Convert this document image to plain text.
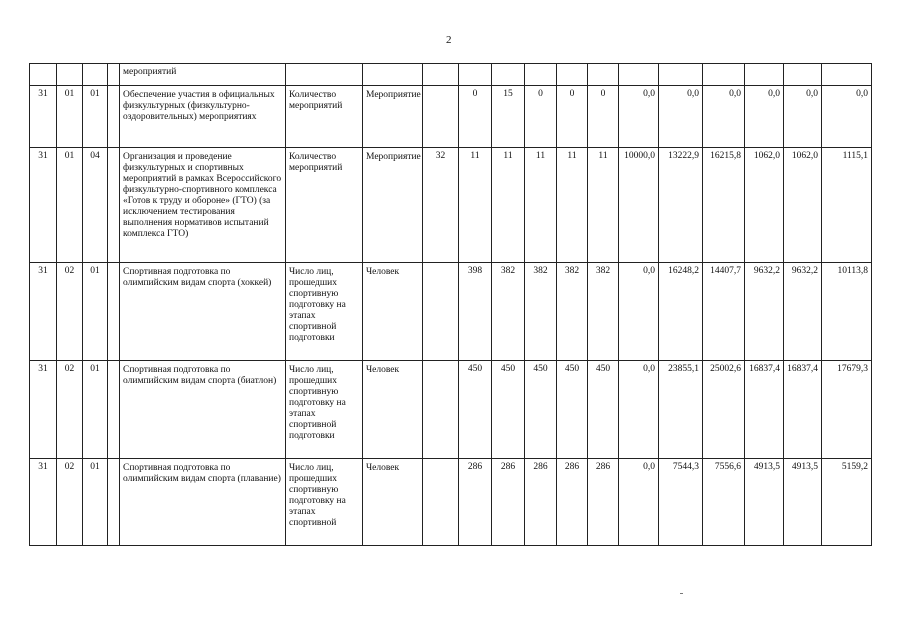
2
				мероприятий														
31	01	01		Обеспечение участия в официальных физкультурных (физкультурно-оздоровительных) мероприятиях	Количество мероприятий	Мероприятие		0	15	0	0	0	0,0	0,0	0,0	0,0	0,0	0,0
31	01	04		Организация и проведение физкультурных и спортивных мероприятий в рамках Всероссийского физкультурно-спортивного комплекса «Готов к труду и обороне» (ГТО) (за исключением тестирования выполнения нормативов испытаний комплекса ГТО)	Количество мероприятий	Мероприятие	32	11	11	11	11	11	10000,0	13222,9	16215,8	1062,0	1062,0	1115,1
31	02	01		Спортивная подготовка по олимпийским видам спорта (хоккей)	Число лиц, прошедших спортивную подготовку на этапах спортивной подготовки	Человек		398	382	382	382	382	0,0	16248,2	14407,7	9632,2	9632,2	10113,8
31	02	01		Спортивная подготовка по олимпийским видам спорта (биатлон)	Число лиц, прошедших спортивную подготовку на этапах спортивной подготовки	Человек		450	450	450	450	450	0,0	23855,1	25002,6	16837,4	16837,4	17679,3
31	02	01		Спортивная подготовка по олимпийским видам спорта (плавание)	Число лиц, прошедших спортивную подготовку на этапах спортивной	Человек		286	286	286	286	286	0,0	7544,3	7556,6	4913,5	4913,5	5159,2
